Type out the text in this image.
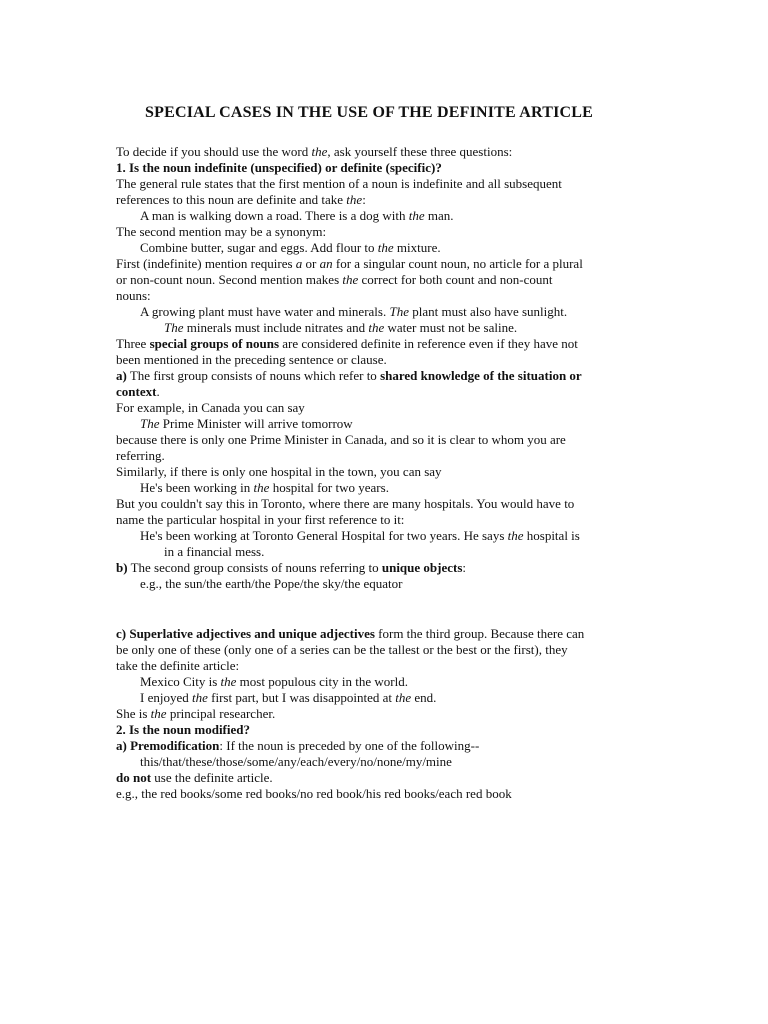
SPECIAL CASES IN THE USE OF THE DEFINITE ARTICLE
To decide if you should use the word the, ask yourself these three questions:
1. Is the noun indefinite (unspecified) or definite (specific)?
The general rule states that the first mention of a noun is indefinite and all subsequent
references to this noun are definite and take the:
A man is walking down a road. There is a dog with the man.
The second mention may be a synonym:
Combine butter, sugar and eggs. Add flour to the mixture.
First (indefinite) mention requires a or an for a singular count noun, no article for a plural
or non-count noun. Second mention makes the correct for both count and non-count
nouns:
A growing plant must have water and minerals. The plant must also have sunlight.
The minerals must include nitrates and the water must not be saline.
Three special groups of nouns are considered definite in reference even if they have not
been mentioned in the preceding sentence or clause.
a) The first group consists of nouns which refer to shared knowledge of the situation or
context.
For example, in Canada you can say
The Prime Minister will arrive tomorrow
because there is only one Prime Minister in Canada, and so it is clear to whom you are
referring.
Similarly, if there is only one hospital in the town, you can say
He's been working in the hospital for two years.
But you couldn't say this in Toronto, where there are many hospitals. You would have to
name the particular hospital in your first reference to it:
He's been working at Toronto General Hospital for two years. He says the hospital is
in a financial mess.
b) The second group consists of nouns referring to unique objects:
e.g., the sun/the earth/the Pope/the sky/the equator
c) Superlative adjectives and unique adjectives form the third group. Because there can
be only one of these (only one of a series can be the tallest or the best or the first), they
take the definite article:
Mexico City is the most populous city in the world.
I enjoyed the first part, but I was disappointed at the end.
She is the principal researcher.
2. Is the noun modified?
a) Premodification: If the noun is preceded by one of the following--
this/that/these/those/some/any/each/every/no/none/my/mine
do not use the definite article.
e.g., the red books/some red books/no red book/his red books/each red book
